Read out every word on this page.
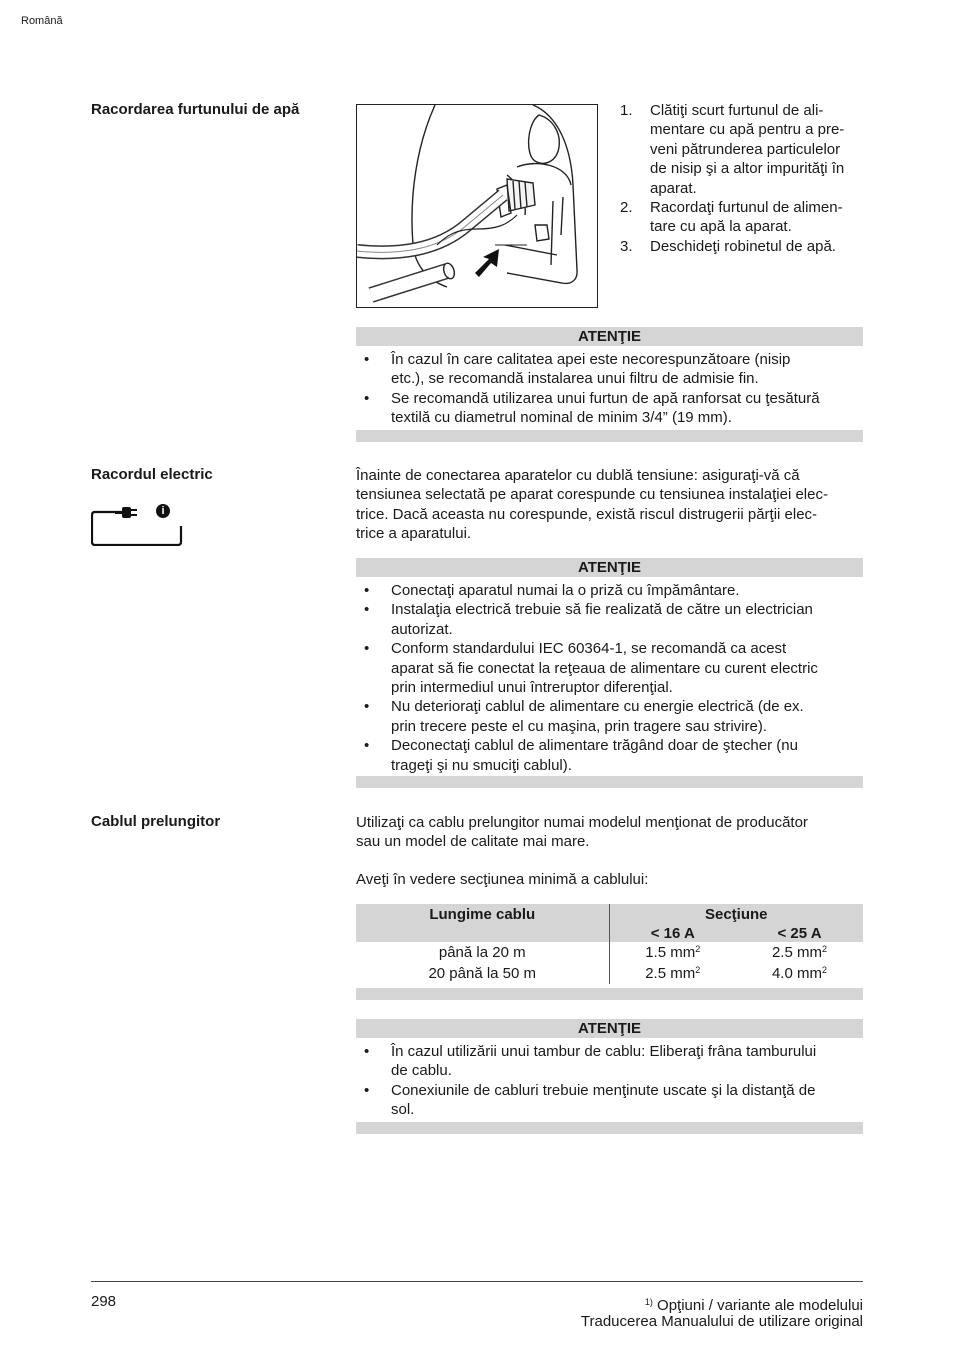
Română
Racordarea furtunului de apă	1.	Clătiţi scurt furtunul de ali-
mentare cu apă pentru a pre-
veni pătrunderea particulelor
de nisip şi a altor impurităţi în
aparat.
2.	Racordaţi furtunul de alimen-
tare cu apă la aparat.
3.	Deschideţi robinetul de apă.
ATENŢIE
• În cazul în care calitatea apei este necorespunzătoare (nisip
etc.), se recomandă instalarea unui filtru de admisie fin.
• Se recomandă utilizarea unui furtun de apă ranforsat cu ţesătură
textilă cu diametrul nominal de minim 3/4” (19 mm).
Racordul electric
i
Înainte de conectarea aparatelor cu dublă tensiune: asiguraţi-vă că
tensiunea selectată pe aparat corespunde cu tensiunea instalaţiei elec-
trice. Dacă aceasta nu corespunde, există riscul distrugerii părţii elec-
trice a aparatului.
ATENŢIE
• Conectaţi aparatul numai la o priză cu împământare.
• Instalaţia electrică trebuie să fie realizată de către un electrician
autorizat.
• Conform standardului IEC 60364-1, se recomandă ca acest
aparat să fie conectat la reţeaua de alimentare cu curent electric
prin intermediul unui întreruptor diferenţial.
• Nu deterioraţi cablul de alimentare cu energie electrică (de ex.
prin trecere peste el cu maşina, prin tragere sau strivire).
• Deconectaţi cablul de alimentare trăgând doar de ştecher (nu
trageţi şi nu smuciţi cablul).
Cablul prelungitor	Utilizaţi ca cablu prelungitor numai modelul menţionat de producător
sau un model de calitate mai mare.
Aveţi în vedere secţiunea minimă a cablului:
Lungime cablu	Secţiune	
	< 16 A	< 25 A
până la 20 m	1.5 $mm^2$	2.5 $mm^2$
20 până la 50 m	2.5 $mm^2$	4.0 $mm^2$
ATENŢIE
• În cazul utilizării unui tambur de cablu: Eliberaţi frâna tamburului
de cablu.
• Conexiunile de cabluri trebuie menţinute uscate şi la distanţă de
sol.
298	$^{1)}$ Opţiuni / variante ale modelului
Traducerea Manualului de utilizare original
